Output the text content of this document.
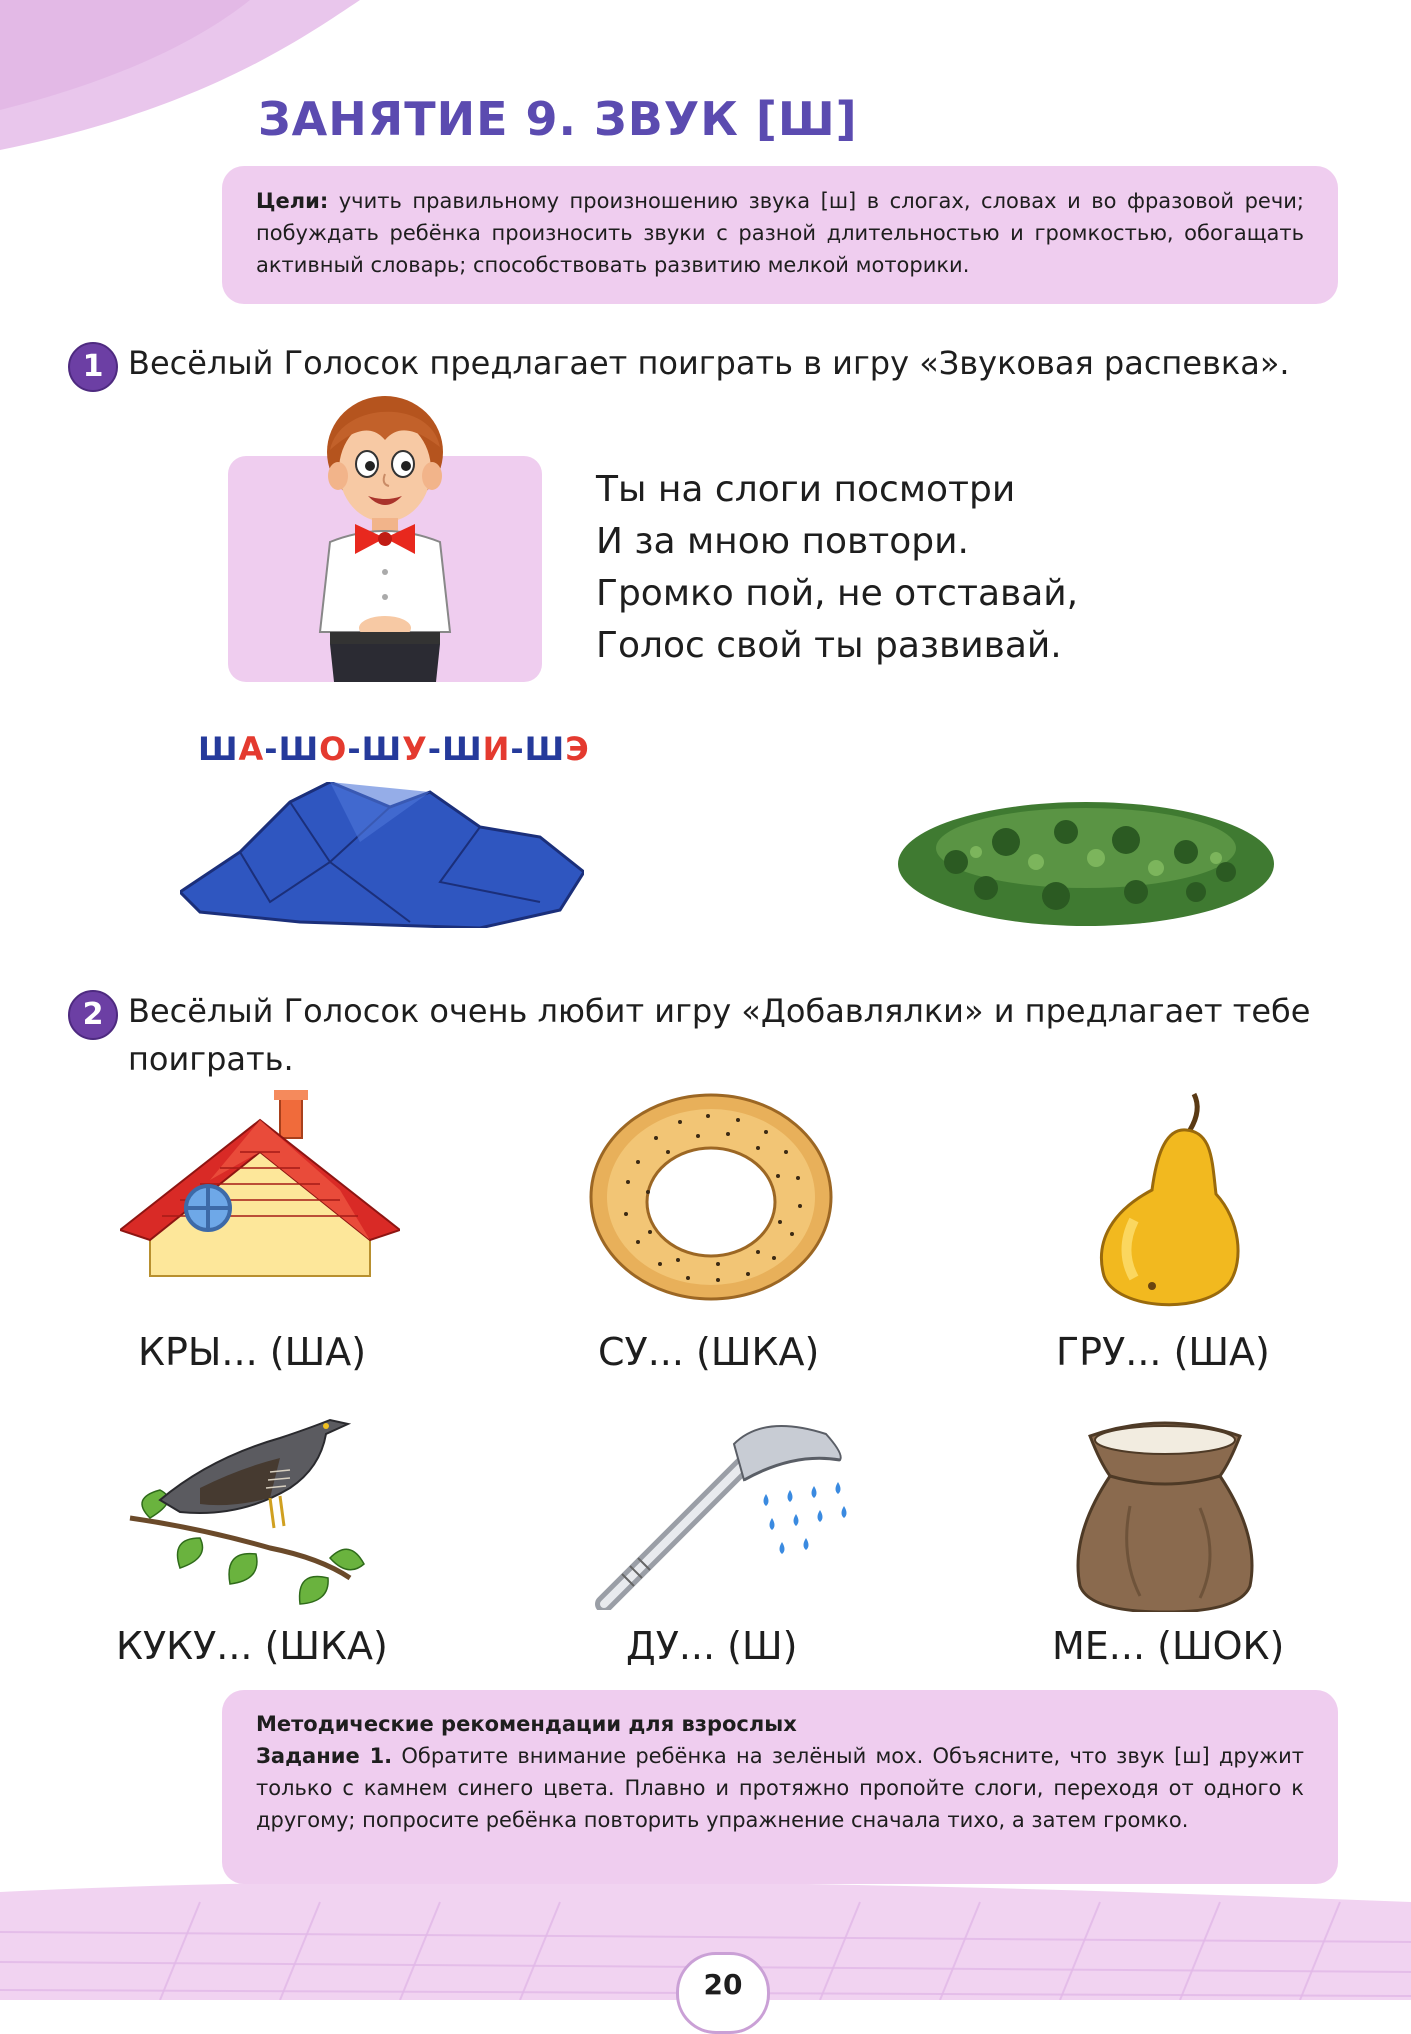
ЗАНЯТИЕ 9. ЗВУК [Ш]
Цели: учить правильному произношению звука [ш] в слогах, словах и во фразовой речи; побуждать ребёнка произносить звуки с разной длительностью и громкостью, обогащать активный словарь; способствовать развитию мелкой моторики.
1 Весёлый Голосок предлагает поиграть в игру «Звуковая распевка».
Ты на слоги посмотри
И за мною повтори.
Громко пой, не отставай,
Голос свой ты развивай.
ША-ШО-ШУ-ШИ-ШЭ
2 Весёлый Голосок очень любит игру «Добавлялки» и предлагает тебе
поиграть.
КРЫ... (ША)	СУ... (ШКА)	ГРУ... (ША)
КУКУ... (ШКА)	ДУ... (Ш)	МЕ... (ШОК)
Методические рекомендации для взрослых
Задание 1. Обратите внимание ребёнка на зелёный мох. Объясните, что звук [ш] дружит только с камнем синего цвета. Плавно и протяжно пропойте слоги, переходя от одного к другому; попросите ребёнка повторить упражнение сначала тихо, а затем громко.
20
